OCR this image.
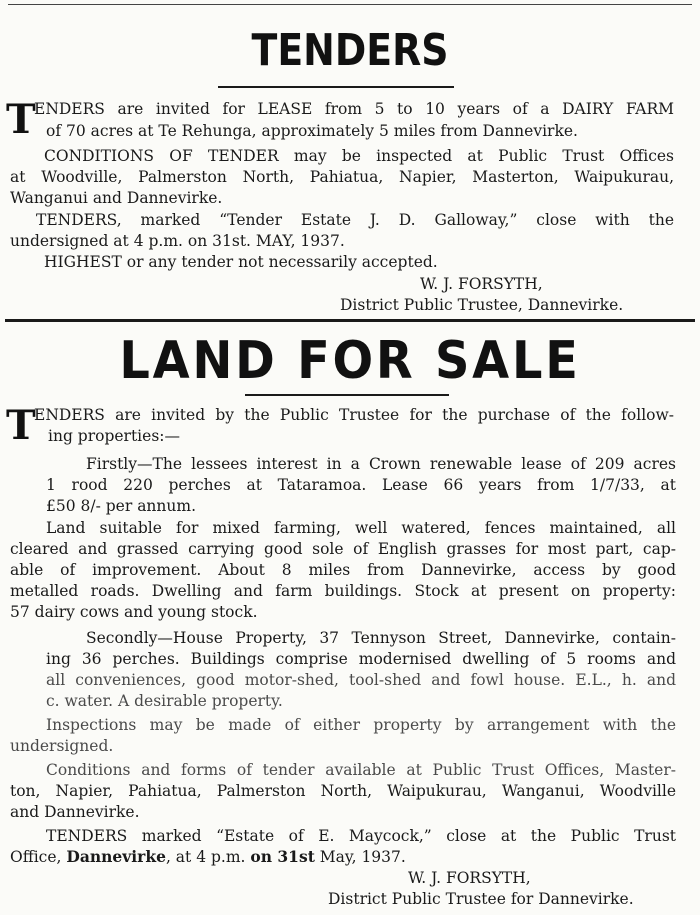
TENDERS
T
ENDERS are invited for LEASE from 5 to 10 years of a DAIRY FARM
of 70 acres at Te Rehunga, approximately 5 miles from Dannevirke.
CONDITIONS OF TENDER may be inspected at Public Trust Offices
at Woodville, Palmerston North, Pahiatua, Napier, Masterton, Waipukurau,
Wanganui and Dannevirke.
TENDERS, marked “Tender Estate J. D. Galloway,” close with the
undersigned at 4 p.m. on 31st. MAY, 1937.
HIGHEST or any tender not necessarily accepted.
W. J. FORSYTH,
District Public Trustee, Dannevirke.
LAND FOR SALE
T
ENDERS are invited by the Public Trustee for the purchase of the follow-
ing properties:—
Firstly—The lessees interest in a Crown renewable lease of 209 acres
1 rood 220 perches at Tataramoa. Lease 66 years from 1/7/33, at
£50 8/- per annum.
Land suitable for mixed farming, well watered, fences maintained, all
cleared and grassed carrying good sole of English grasses for most part, cap-
able of improvement. About 8 miles from Dannevirke, access by good
metalled roads. Dwelling and farm buildings. Stock at present on property:
57 dairy cows and young stock.
Secondly—House Property, 37 Tennyson Street, Dannevirke, contain-
ing 36 perches. Buildings comprise modernised dwelling of 5 rooms and
all conveniences, good motor-shed, tool-shed and fowl house. E.L., h. and
c. water. A desirable property.
Inspections may be made of either property by arrangement with the
undersigned.
Conditions and forms of tender available at Public Trust Offices, Master-
ton, Napier, Pahiatua, Palmerston North, Waipukurau, Wanganui, Woodville
and Dannevirke.
TENDERS marked “Estate of E. Maycock,” close at the Public Trust
Office, Dannevirke, at 4 p.m. on 31st May, 1937.
W. J. FORSYTH,
District Public Trustee for Dannevirke.
